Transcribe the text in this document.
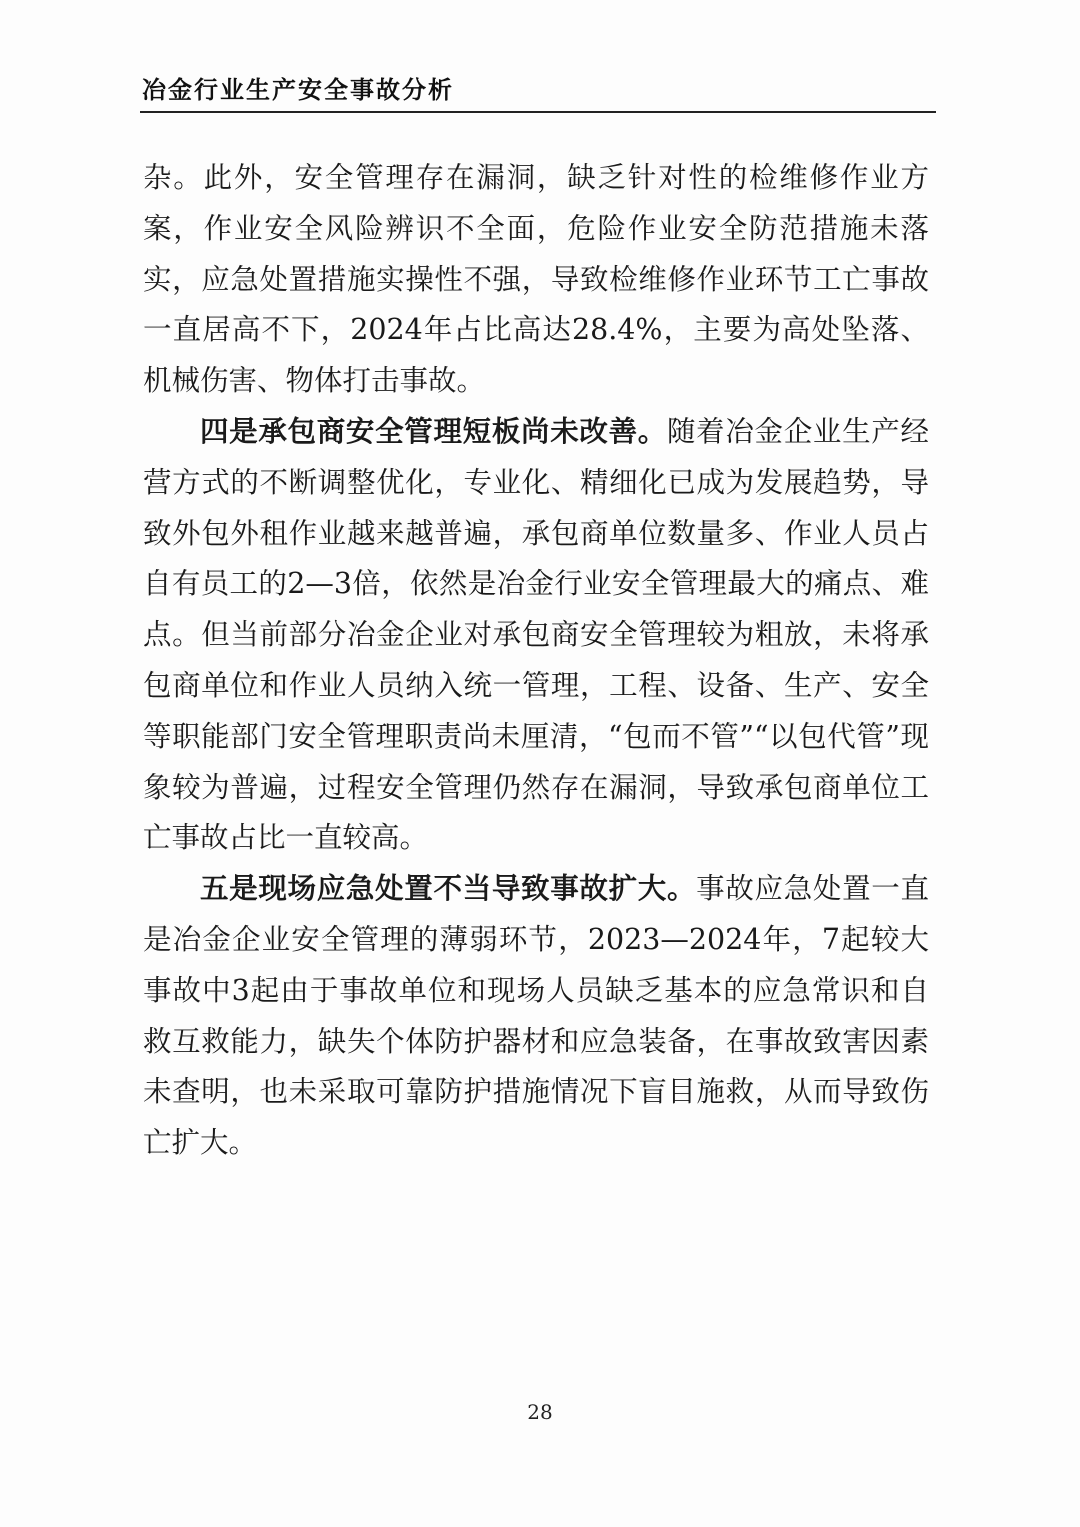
冶金行业生产安全事故分析

杂。此外，安全管理存在漏洞，缺乏针对性的检维修作业方案，作业安全风险辨识不全面，危险作业安全防范措施未落实，应急处置措施实操性不强，导致检维修作业环节工亡事故一直居高不下，2024年占比高达28.4%，主要为高处坠落、机械伤害、物体打击事故。

四是承包商安全管理短板尚未改善。随着冶金企业生产经营方式的不断调整优化，专业化、精细化已成为发展趋势，导致外包外租作业越来越普遍，承包商单位数量多、作业人员占自有员工的2—3倍，依然是冶金行业安全管理最大的痛点、难点。但当前部分冶金企业对承包商安全管理较为粗放，未将承包商单位和作业人员纳入统一管理，工程、设备、生产、安全等职能部门安全管理职责尚未厘清，“包而不管”“以包代管”现象较为普遍，过程安全管理仍然存在漏洞，导致承包商单位工亡事故占比一直较高。

五是现场应急处置不当导致事故扩大。事故应急处置一直是冶金企业安全管理的薄弱环节，2023—2024年，7起较大事故中3起由于事故单位和现场人员缺乏基本的应急常识和自救互救能力，缺失个体防护器材和应急装备，在事故致害因素未查明，也未采取可靠防护措施情况下盲目施救，从而导致伤亡扩大。

28
